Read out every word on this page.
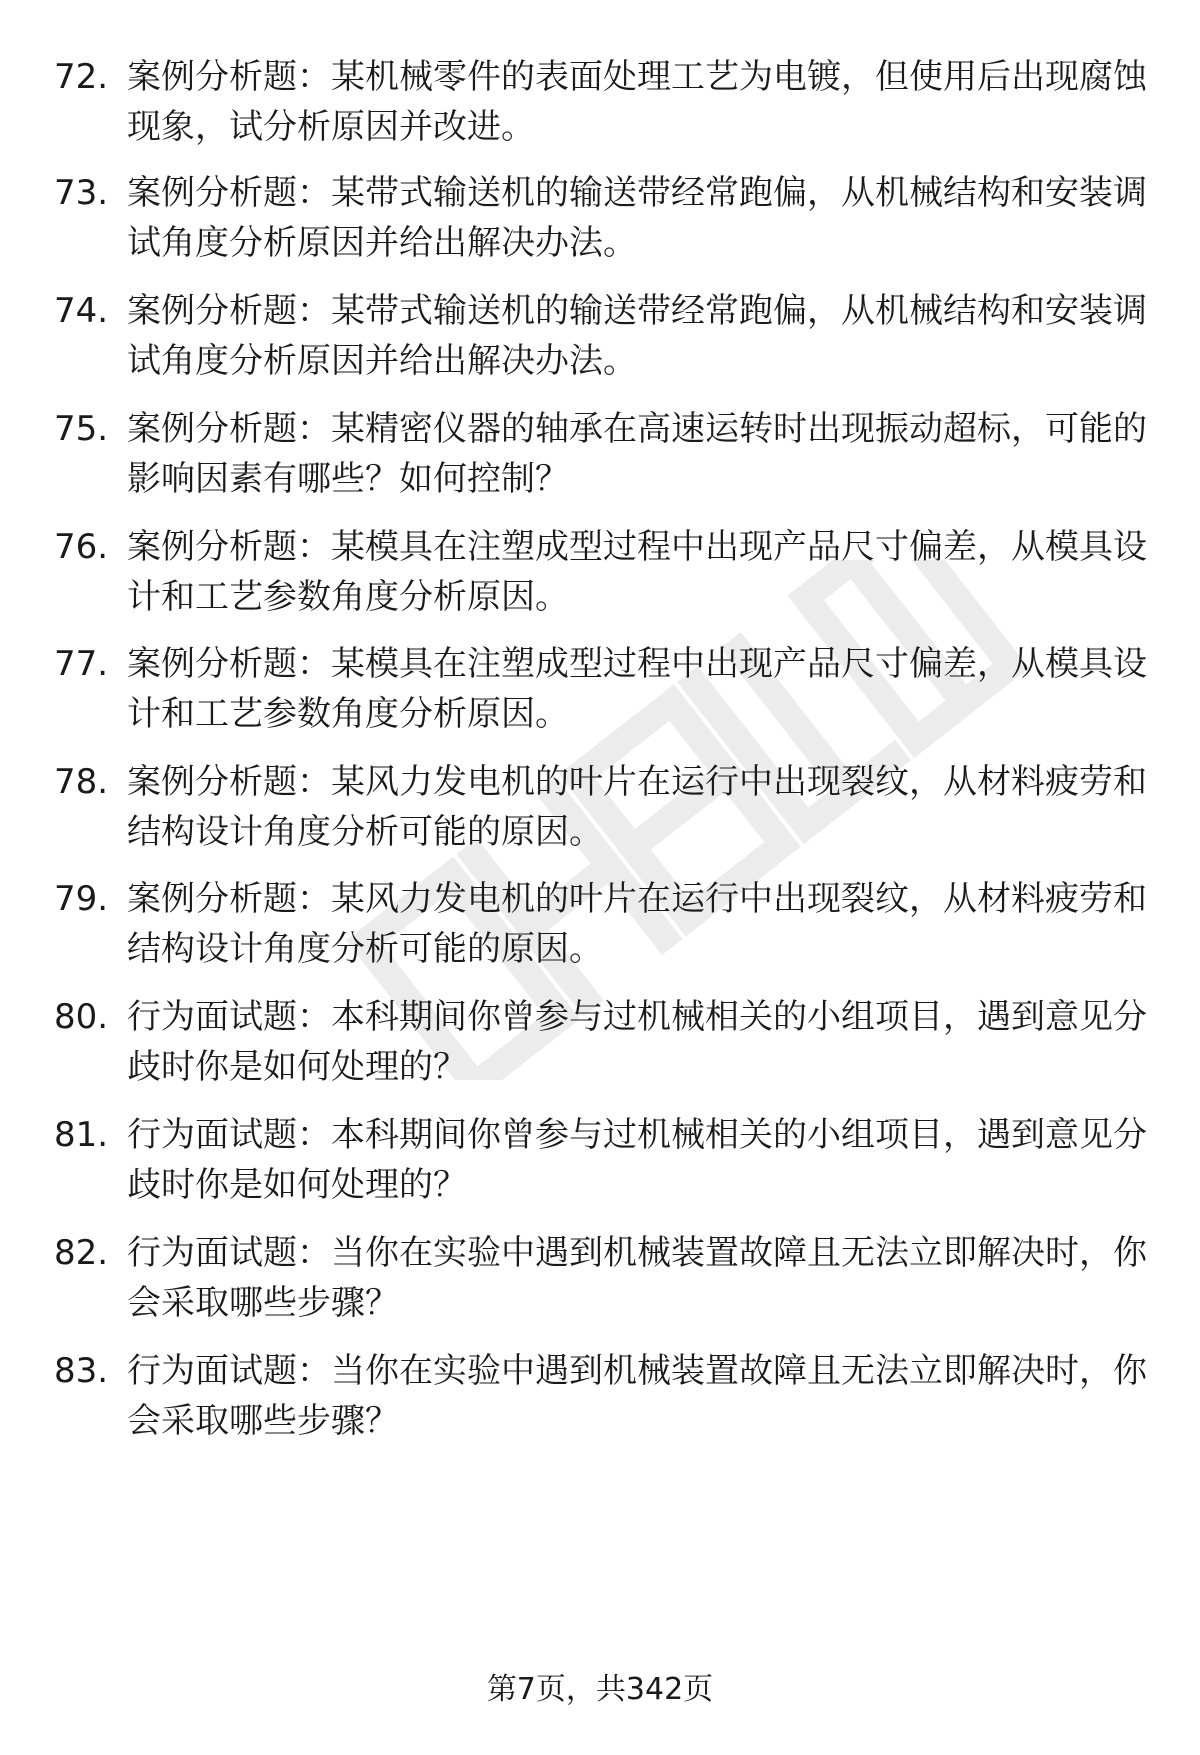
72. 案例分析题：某机械零件的表面处理工艺为电镀，但使用后出现腐蚀现象，试分析原因并改进。
73. 案例分析题：某带式输送机的输送带经常跑偏，从机械结构和安装调试角度分析原因并给出解决办法。
74. 案例分析题：某带式输送机的输送带经常跑偏，从机械结构和安装调试角度分析原因并给出解决办法。
75. 案例分析题：某精密仪器的轴承在高速运转时出现振动超标，可能的影响因素有哪些？如何控制？
76. 案例分析题：某模具在注塑成型过程中出现产品尺寸偏差，从模具设计和工艺参数角度分析原因。
77. 案例分析题：某模具在注塑成型过程中出现产品尺寸偏差，从模具设计和工艺参数角度分析原因。
78. 案例分析题：某风力发电机的叶片在运行中出现裂纹，从材料疲劳和结构设计角度分析可能的原因。
79. 案例分析题：某风力发电机的叶片在运行中出现裂纹，从材料疲劳和结构设计角度分析可能的原因。
80. 行为面试题：本科期间你曾参与过机械相关的小组项目，遇到意见分歧时你是如何处理的？
81. 行为面试题：本科期间你曾参与过机械相关的小组项目，遇到意见分歧时你是如何处理的？
82. 行为面试题：当你在实验中遇到机械装置故障且无法立即解决时，你会采取哪些步骤？
83. 行为面试题：当你在实验中遇到机械装置故障且无法立即解决时，你会采取哪些步骤？
第7页，共342页
